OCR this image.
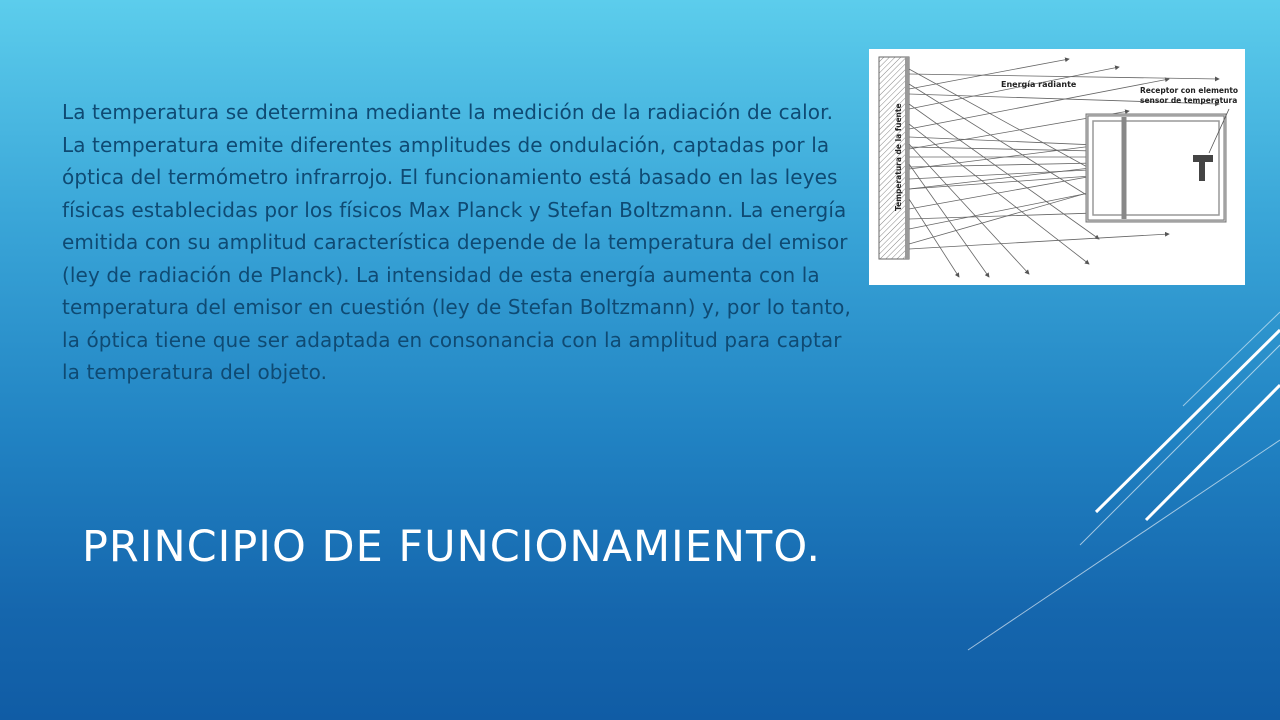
La temperatura se determina mediante la medición de la radiación de calor. La temperatura emite diferentes amplitudes de ondulación, captadas por la óptica del termómetro infrarrojo. El funcionamiento está basado en las leyes físicas establecidas por los físicos Max Planck y Stefan Boltzmann. La energía emitida con su amplitud característica depende de la temperatura del emisor (ley de radiación de Planck). La intensidad de esta energía aumenta con la temperatura del emisor en cuestión (ley de Stefan Boltzmann) y, por lo tanto, la óptica tiene que ser adaptada en consonancia con la amplitud para captar la temperatura del objeto.

PRINCIPIO DE FUNCIONAMIENTO.
Energía radiante
Receptor con elemento
sensor de temperatura
Temperatura de la fuente
